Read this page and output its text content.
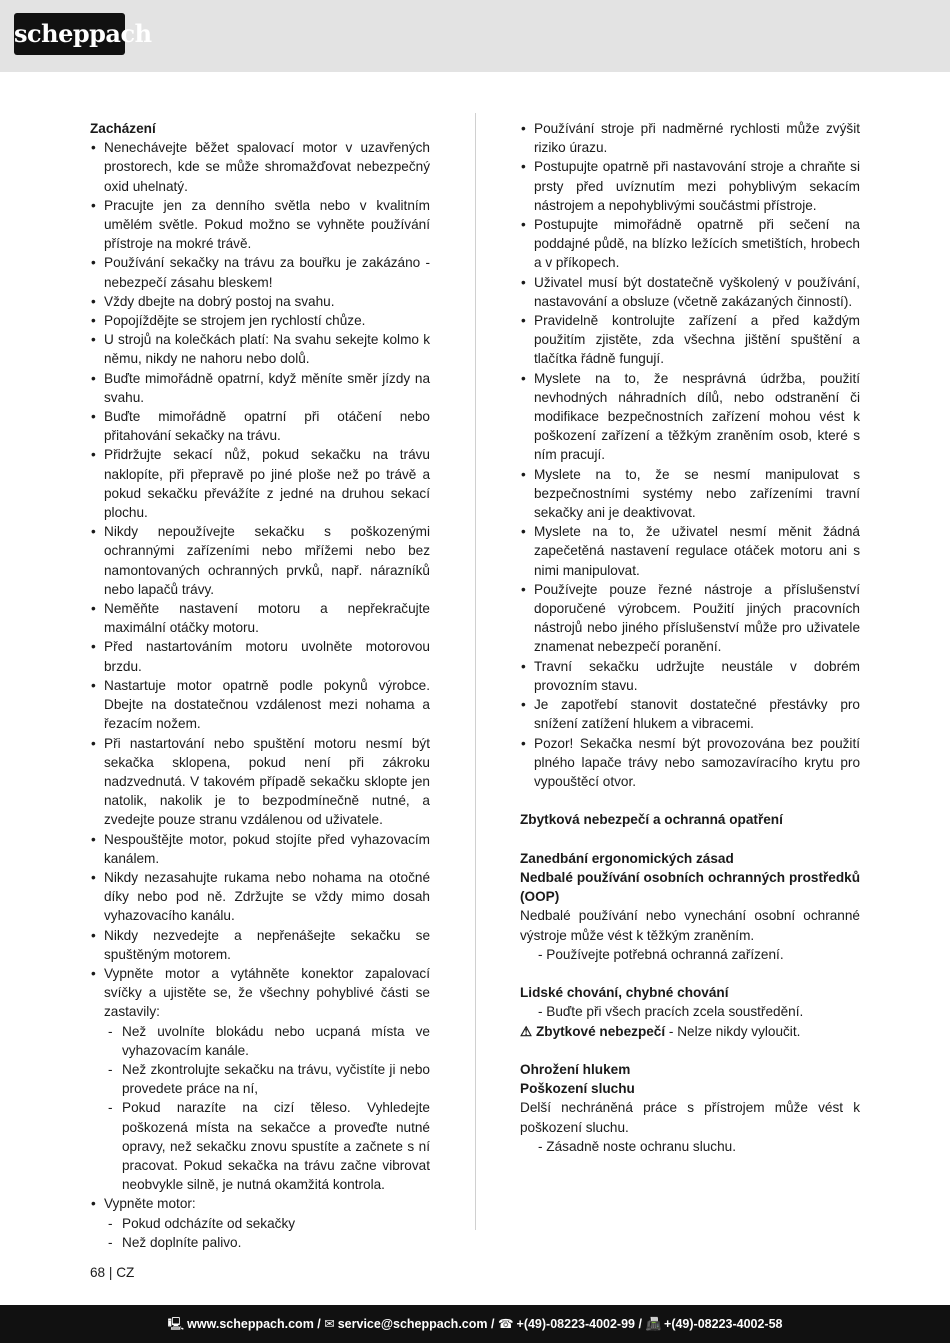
scheppach

Zacházení

• Nenechávejte běžet spalovací motor v uzavřených prostorech, kde se může shromažďovat nebezpečný oxid uhelnatý.
• Pracujte jen za denního světla nebo v kvalitním umělém světle. Pokud možno se vyhněte používání přístroje na mokré trávě.
• Používání sekačky na trávu za bouřku je zakázáno - nebezpečí zásahu bleskem!
• Vždy dbejte na dobrý postoj na svahu.
• Popojíždějte se strojem jen rychlostí chůze.
• U strojů na kolečkách platí: Na svahu sekejte kolmo k němu, nikdy ne nahoru nebo dolů.
• Buďte mimořádně opatrní, když měníte směr jízdy na svahu.
• Buďte mimořádně opatrní při otáčení nebo přitahování sekačky na trávu.
• Přidržujte sekací nůž, pokud sekačku na trávu naklopíte, při přepravě po jiné ploše než po trávě a pokud sekačku převážíte z jedné na druhou sekací plochu.
• Nikdy nepoužívejte sekačku s poškozenými ochrannými zařízeními nebo mřížemi nebo bez namontovaných ochranných prvků, např. nárazníků nebo lapačů trávy.
• Neměňte nastavení motoru a nepřekračujte maximální otáčky motoru.
• Před nastartováním motoru uvolněte motorovou brzdu.
• Nastartuje motor opatrně podle pokynů výrobce. Dbejte na dostatečnou vzdálenost mezi nohama a řezacím nožem.
• Při nastartování nebo spuštění motoru nesmí být sekačka sklopena, pokud není při zákroku nadzvednutá. V takovém případě sekačku sklopte jen natolik, nakolik je to bezpodmínečně nutné, a zvedejte pouze stranu vzdálenou od uživatele.
• Nespouštějte motor, pokud stojíte před vyhazovacím kanálem.
• Nikdy nezasahujte rukama nebo nohama na otočné díky nebo pod ně. Zdržujte se vždy mimo dosah vyhazovacího kanálu.
• Nikdy nezvedejte a nepřenášejte sekačku se spuštěným motorem.
• Vypněte motor a vytáhněte konektor zapalovací svíčky a ujistěte se, že všechny pohyblivé části se zastavily:
- Než uvolníte blokádu nebo ucpaná místa ve vyhazovacím kanále.
- Než zkontrolujte sekačku na trávu, vyčistíte ji nebo provedete práce na ní,
- Pokud narazíte na cizí těleso. Vyhledejte poškozená místa na sekačce a proveďte nutné opravy, než sekačku znovu spustíte a začnete s ní pracovat. Pokud sekačka na trávu začne vibrovat neobvykle silně, je nutná okamžitá kontrola.
• Vypněte motor:
- Pokud odcházíte od sekačky
- Než doplníte palivo.
• Používání stroje při nadměrné rychlosti může zvýšit riziko úrazu.
• Postupujte opatrně při nastavování stroje a chraňte si prsty před uvíznutím mezi pohyblivým sekacím nástrojem a nepohyblivými součástmi přístroje.
• Postupujte mimořádně opatrně při sečení na poddajné půdě, na blízko ležících smetištích, hrobech a v příkopech.
• Uživatel musí být dostatečně vyškolený v používání, nastavování a obsluze (včetně zakázaných činností).
• Pravidelně kontrolujte zařízení a před každým použitím zjistěte, zda všechna jištění spuštění a tlačítka řádně fungují.
• Myslete na to, že nesprávná údržba, použití nevhodných náhradních dílů, nebo odstranění či modifikace bezpečnostních zařízení mohou vést k poškození zařízení a těžkým zraněním osob, které s ním pracují.
• Myslete na to, že se nesmí manipulovat s bezpečnostními systémy nebo zařízeními travní sekačky ani je deaktivovat.
• Myslete na to, že uživatel nesmí měnit žádná zapečetěná nastavení regulace otáček motoru ani s nimi manipulovat.
• Používejte pouze řezné nástroje a příslušenství doporučené výrobcem. Použití jiných pracovních nástrojů nebo jiného příslušenství může pro uživatele znamenat nebezpečí poranění.
• Travní sekačku udržujte neustále v dobrém provozním stavu.
• Je zapotřebí stanovit dostatečné přestávky pro snížení zatížení hlukem a vibracemi.
• Pozor! Sekačka nesmí být provozována bez použití plného lapače trávy nebo samozavíracího krytu pro vypouštěcí otvor.

Zbytková nebezpečí a ochranná opatření

Zanedbání ergonomických zásad

Nedbalé používání osobních ochranných prostředků (OOP)

Nedbalé používání nebo vynechání osobní ochranné výstroje může vést k těžkým zraněním.

- Používejte potřebná ochranná zařízení.

Lidské chování, chybné chování

- Buďte při všech pracích zcela soustředění.

⚠ Zbytkové nebezpečí - Nelze nikdy vyloučit.

Ohrožení hlukem

Poškození sluchu

Delší nechráněná práce s přístrojem může vést k poškození sluchu.

- Zásadně noste ochranu sluchu.

68 | CZ
🖳 www.scheppach.com / ✉ service@scheppach.com / ☎ +(49)-08223-4002-99 / 📠 +(49)-08223-4002-58
